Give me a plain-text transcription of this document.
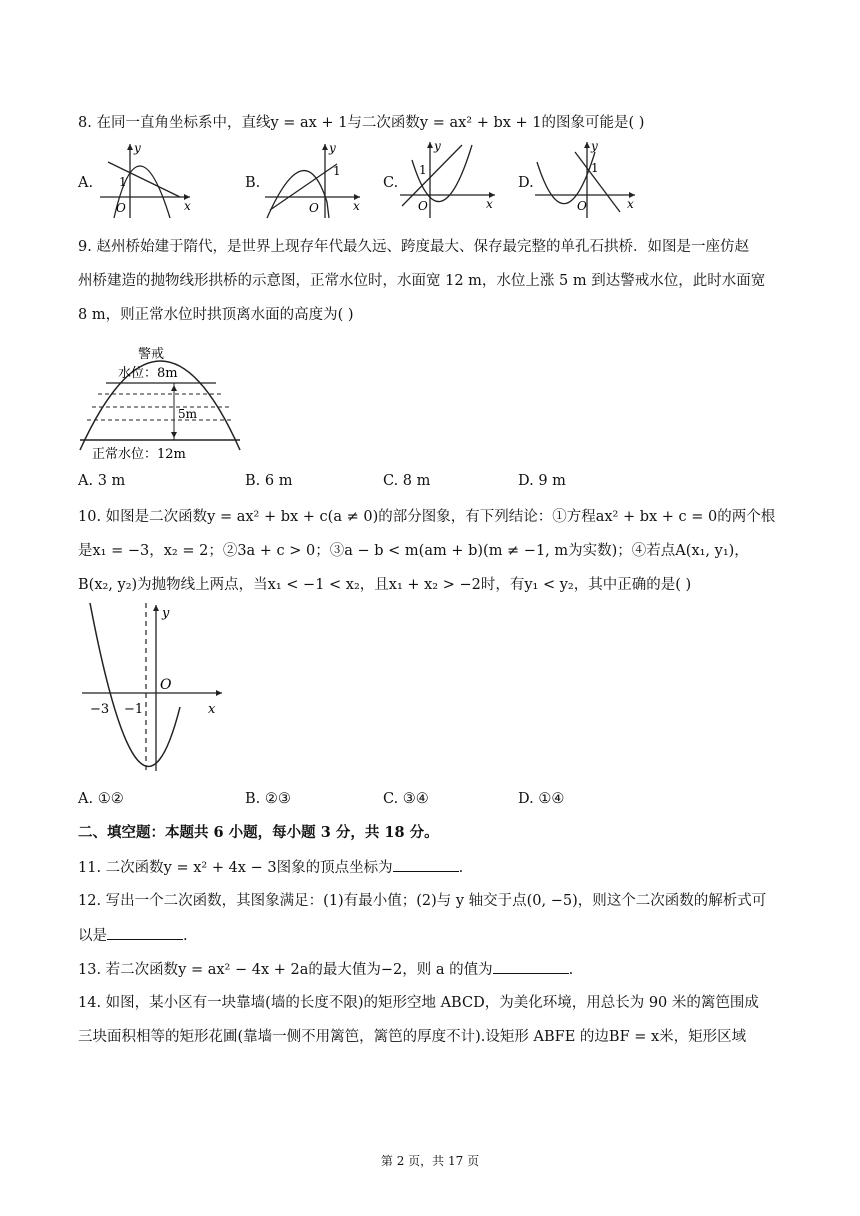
8. 在同一直角坐标系中，直线y = ax + 1与二次函数y = ax² + bx + 1的图象可能是( )
A.
y
1
O	x
B.
y
1
O	x
C.
y
1
O	x
D.
y
1
O	x
9. 赵州桥始建于隋代，是世界上现存年代最久远、跨度最大、保存最完整的单孔石拱桥．如图是一座仿赵
州桥建造的抛物线形拱桥的示意图，正常水位时，水面宽 12 m，水位上涨 5 m 到达警戒水位，此时水面宽
8 m，则正常水位时拱顶离水面的高度为( )
警戒
水位：8m
5m
正常水位：12m
A. 3 m	B. 6 m	C. 8 m	D. 9 m
10. 如图是二次函数y = ax² + bx + c(a ≠ 0)的部分图象，有下列结论：①方程ax² + bx + c = 0的两个根
是x₁ = −3，x₂ = 2；②3a + c > 0；③a − b < m(am + b)(m ≠ −1, m为实数)；④若点A(x₁, y₁)，
B(x₂, y₂)为抛物线上两点，当x₁ < −1 < x₂，且x₁ + x₂ > −2时，有y₁ < y₂，其中正确的是( )
y
O
−3 −1	x
A. ①②	B. ②③	C. ③④	D. ①④
二、填空题：本题共 6 小题，每小题 3 分，共 18 分。
11. 二次函数y = x² + 4x − 3图象的顶点坐标为	.
12. 写出一个二次函数，其图象满足：(1)有最小值；(2)与 y 轴交于点(0, −5)，则这个二次函数的解析式可
以是	.
13. 若二次函数y = ax² − 4x + 2a的最大值为−2，则 a 的值为	.
14. 如图，某小区有一块靠墙(墙的长度不限)的矩形空地 ABCD，为美化环境，用总长为 90 米的篱笆围成
三块面积相等的矩形花圃(靠墙一侧不用篱笆，篱笆的厚度不计).设矩形 ABFE 的边BF = x米，矩形区域
第 2 页，共 17 页
